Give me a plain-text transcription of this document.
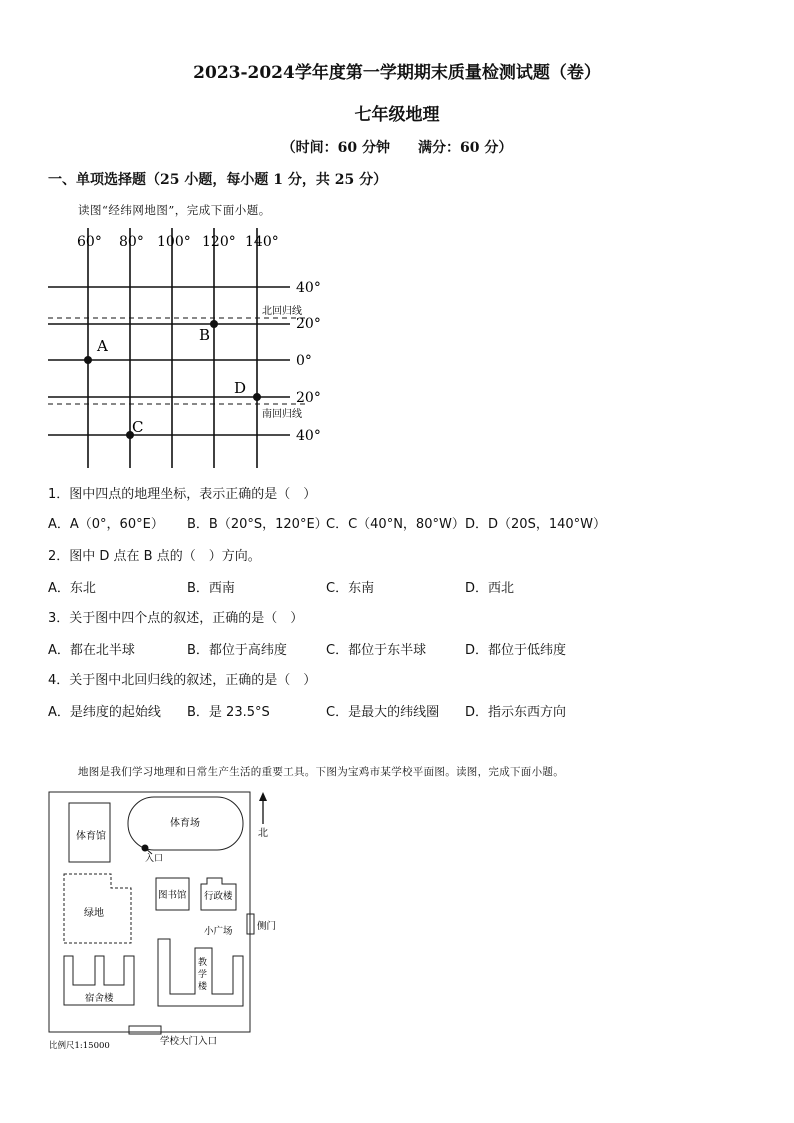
2023-2024学年度第一学期期末质量检测试题（卷）
七年级地理
（时间：60 分钟 满分：60 分）
一、单项选择题（25 小题，每小题 1 分，共 25 分）
读图“经纬网地图”，完成下面小题。
60° 80° 100° 120° 140°
40°
20°
0°
20°
40°
北回归线
南回归线
A
B
C
D
1．图中四点的地理坐标，表示正确的是（　）
A．A（0°，60°E） B．B（20°S，120°E）
C．C（40°N，80°W） D．D（20S，140°W）
2．图中 D 点在 B 点的（　）方向。
A．东北	B．西南	C．东南	D．西北
3．关于图中四个点的叙述，正确的是（　）
A．都在北半球	B．都位于高纬度	C．都位于东半球	D．都位于低纬度
4．关于图中北回归线的叙述，正确的是（　）
A．是纬度的起始线 B．是 23.5°S	C．是最大的纬线圈 D．指示东西方向
地图是我们学习地理和日常生产生活的重要工具。下图为宝鸡市某学校平面图。读图，完成下面小题。
体育馆
体育场
入口
北
绿地
图书馆 行政楼
侧门
小广场
教
学
楼
宿舍楼
学校大门入口
比例尺1:15000
